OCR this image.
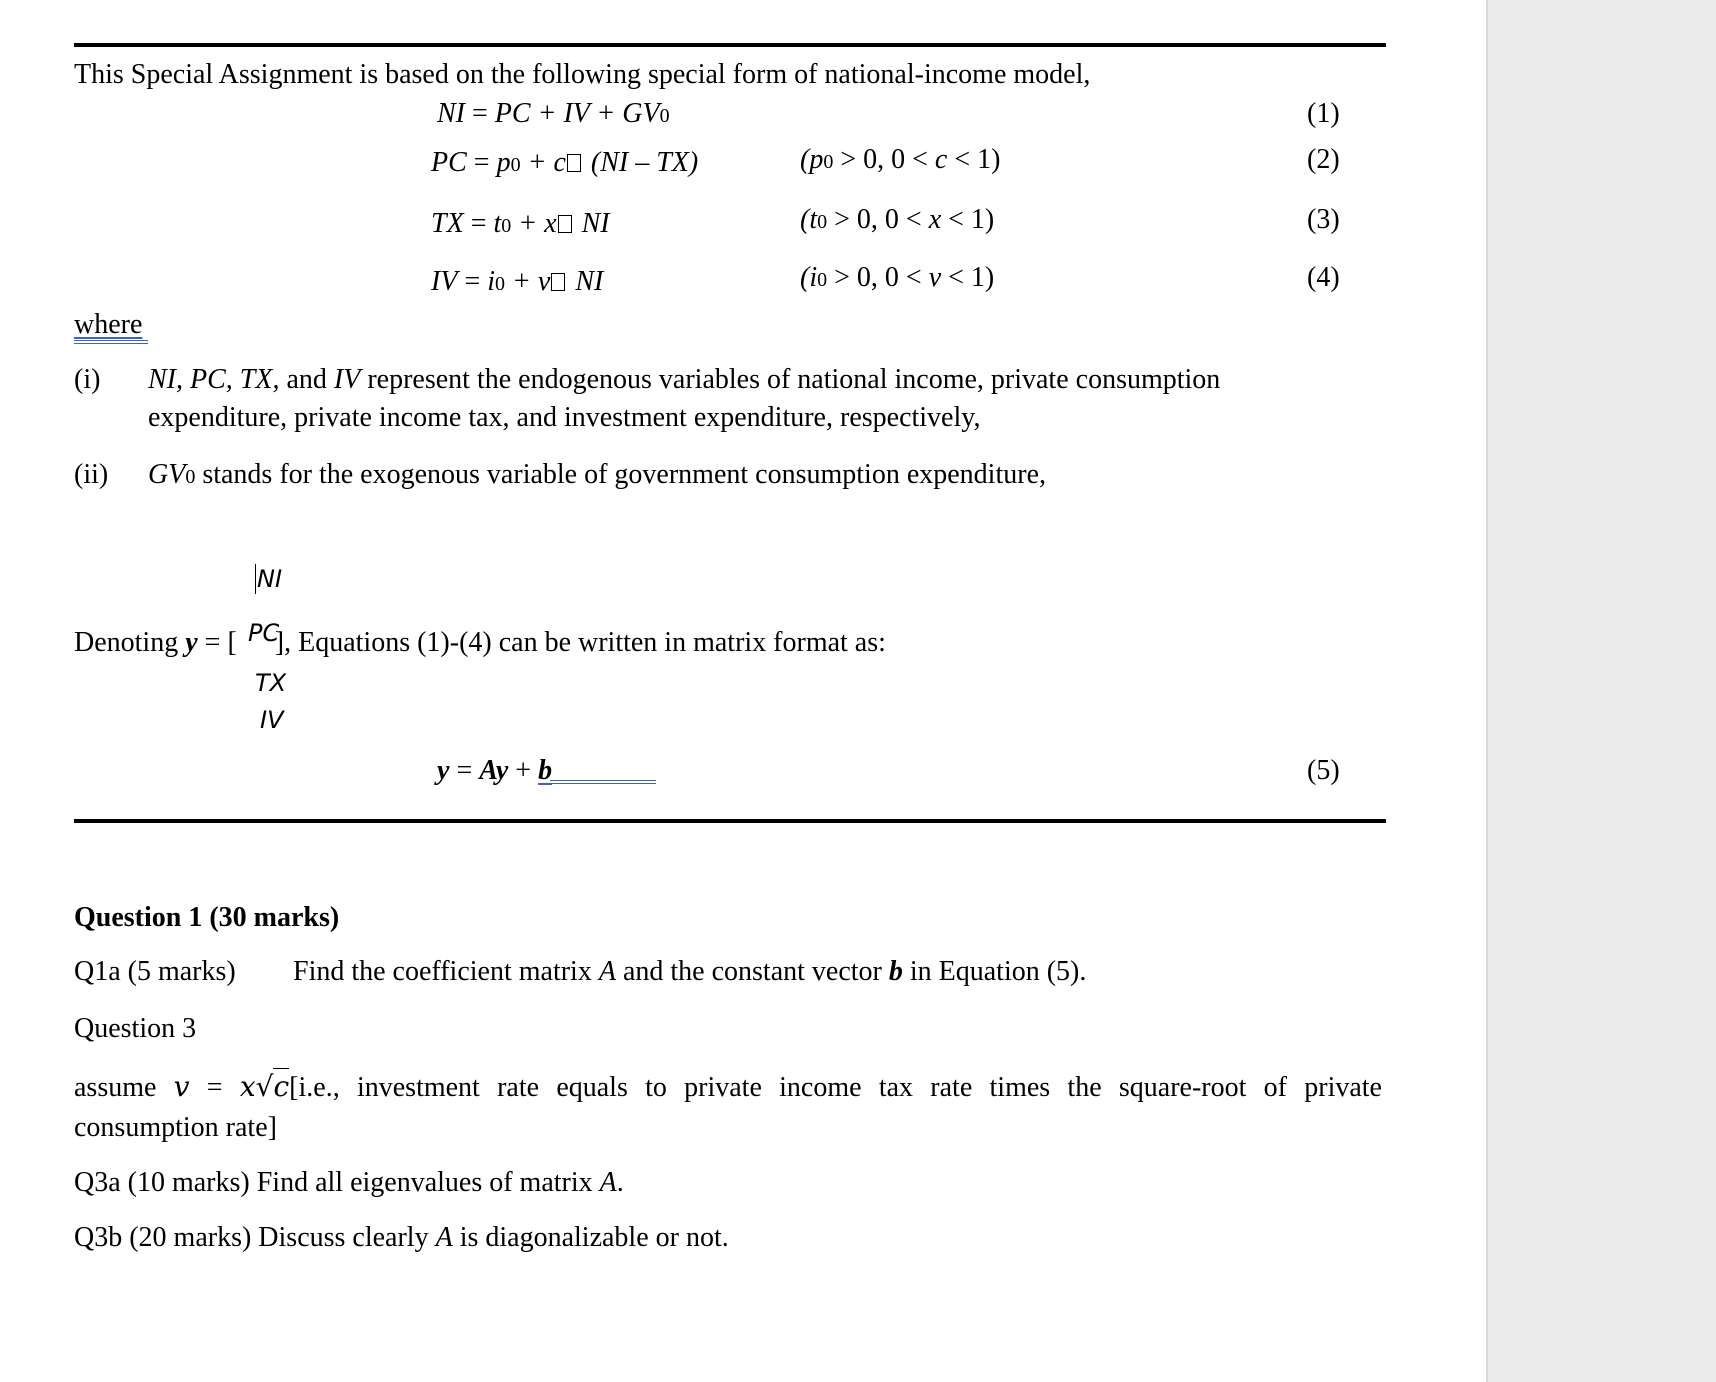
This Special Assignment is based on the following special form of national-income model,
NI = PC + IV + GV0	(1)
PC = p0 + c (NI – TX)	(p0 > 0, 0 < c < 1)	(2)
TX = t0 + x NI	(t0 > 0, 0 < x < 1)	(3)
IV = i0 + v NI	(i0 > 0, 0 < v < 1)	(4)
where
(i) NI, PC, TX, and IV represent the endogenous variables of national income, private consumption
expenditure, private income tax, and investment expenditure, respectively,
(ii) GV0 stands for the exogenous variable of government consumption expenditure,
NI
PC
TX
IV
Denoting y = [ ], Equations (1)-(4) can be written in matrix format as:
y = Ay + b	(5)
Question 1 (30 marks)
Q1a (5 marks) Find the coefficient matrix A and the constant vector b in Equation (5).
Question 3
assume v = x√c[i.e., investment rate equals to private income tax rate times the square-root of private
consumption rate]
Q3a (10 marks) Find all eigenvalues of matrix A.
Q3b (20 marks) Discuss clearly A is diagonalizable or not.
